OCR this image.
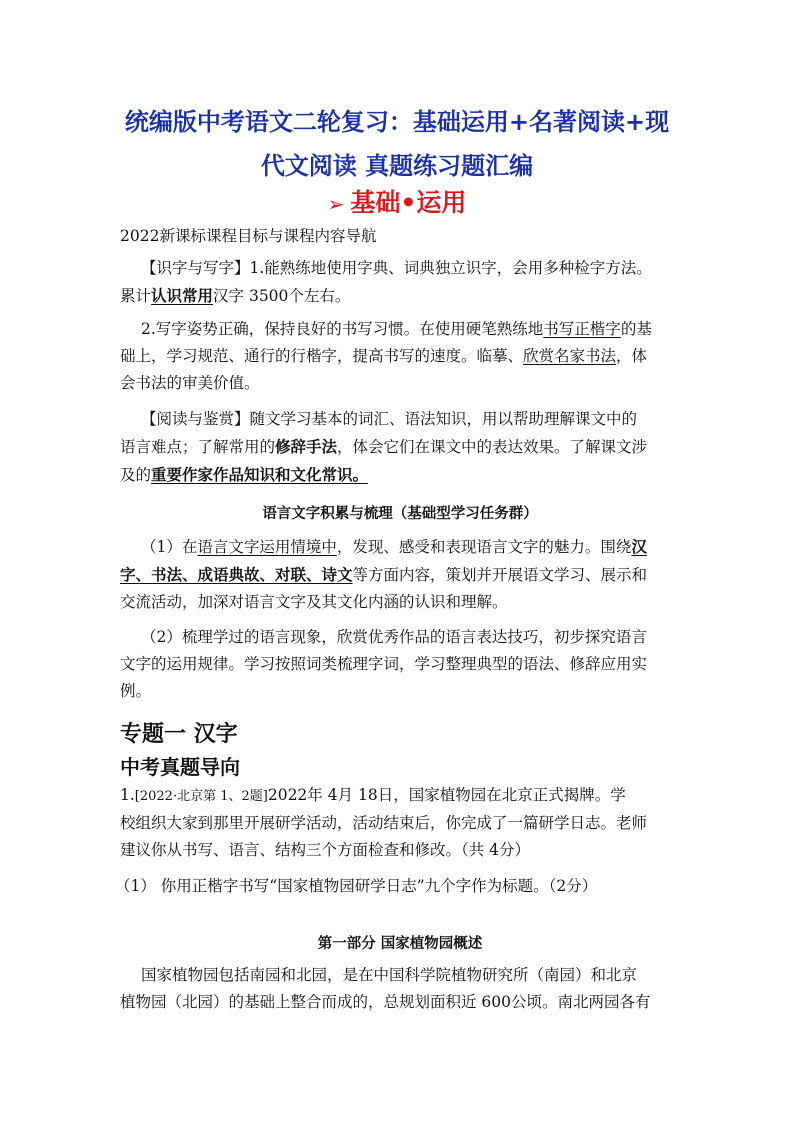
统编版中考语文二轮复习：基础运用+名著阅读+现
代文阅读 真题练习题汇编
➢ 基础•运用
2022新课标课程目标与课程内容导航
【识字与写字】1.能熟练地使用字典、词典独立识字，会用多种检字方法。
累计认识常用汉字 3500个左右。
2.写字姿势正确，保持良好的书写习惯。在使用硬笔熟练地书写正楷字的基
础上，学习规范、通行的行楷字，提高书写的速度。临摹、欣赏名家书法，体
会书法的审美价值。
【阅读与鉴赏】随文学习基本的词汇、语法知识，用以帮助理解课文中的
语言难点；了解常用的修辞手法，体会它们在课文中的表达效果。了解课文涉
及的重要作家作品知识和文化常识。
语言文字积累与梳理（基础型学习任务群）
（1）在语言文字运用情境中，发现、感受和表现语言文字的魅力。围绕汉
字、书法、成语典故、对联、诗文等方面内容，策划并开展语文学习、展示和
交流活动，加深对语言文字及其文化内涵的认识和理解。
（2）梳理学过的语言现象，欣赏优秀作品的语言表达技巧，初步探究语言
文字的运用规律。学习按照词类梳理字词，学习整理典型的语法、修辞应用实
例。
专题一 汉字
中考真题导向
1.[2022·北京第 1、2题]2022年 4月 18日，国家植物园在北京正式揭牌。学
校组织大家到那里开展研学活动，活动结束后，你完成了一篇研学日志。老师
建议你从书写、语言、结构三个方面检查和修改。（共 4分）
（1） 你用正楷字书写“国家植物园研学日志”九个字作为标题。（2分）
第一部分 国家植物园概述
国家植物园包括南园和北园，是在中国科学院植物研究所（南园）和北京
植物园（北园）的基础上整合而成的，总规划面积近 600公顷。南北两园各有
